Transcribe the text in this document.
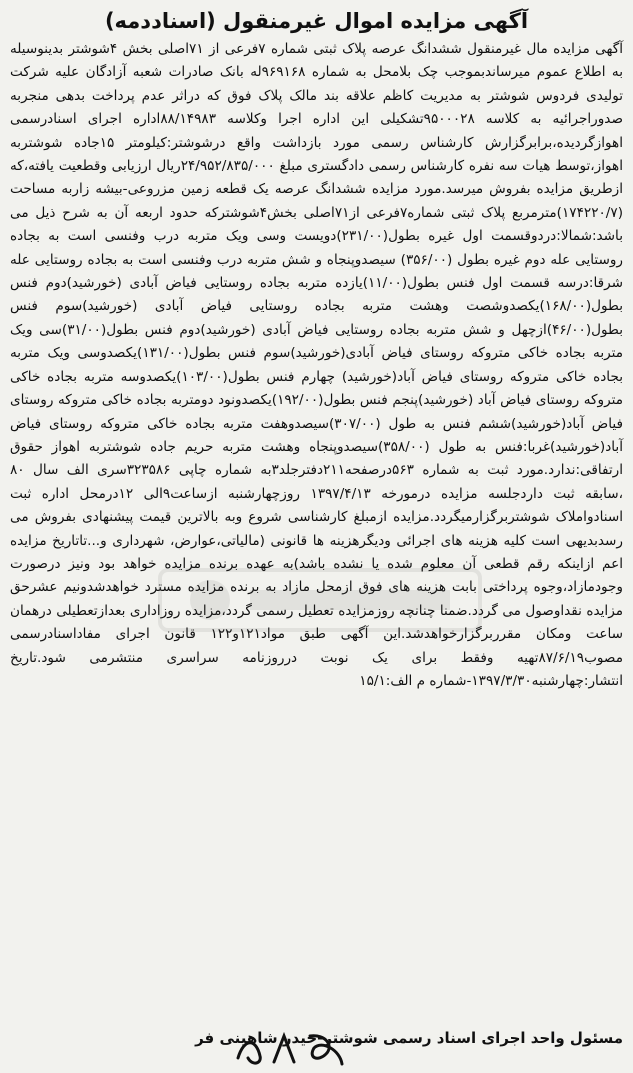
آگهی مزایده اموال غیرمنقول (اسناددمه)

آگهی مزایده مال غیرمنقول ششدانگ عرصه پلاک ثبتی شماره ۷فرعی از ۷۱اصلی بخش ۴شوشتر بدینوسیله به اطلاع عموم میرساندبموجب چک بلامحل به شماره ۹۶۹۱۶۸له بانک صادرات شعبه آزادگان علیه شرکت تولیدی فردوس شوشتر به مدیریت کاظم علاقه بند مالک پلاک فوق که دراثر عدم پرداخت بدهی منجربه صدوراجرائیه به کلاسه ۹۵۰۰۰۲۸تشکیلی این اداره اجرا وکلاسه ۸۸/۱۴۹۸۳اداره اجرای اسنادرسمی اهوازگردیده،برابرگزارش کارشناس رسمی مورد بازداشت واقع درشوشتر:کیلومتر ۱۵جاده شوشتربه اهواز،توسط هیات سه نفره کارشناس رسمی دادگستری مبلغ ۲۴/۹۵۲/۸۳۵/۰۰۰ریال ارزیابی وقطعیت یافته،که ازطریق مزایده بفروش میرسد.مورد مزایده ششدانگ عرصه یک قطعه زمین مزروعی-بیشه زاربه مساحت (۱۷۴۲۲۰/۷)مترمربع پلاک ثبتی شماره۷فرعی از۷۱اصلی بخش۴شوشترکه حدود اربعه آن به شرح ذیل می باشد:شمالا:دردوقسمت اول غیره بطول(۲۳۱/۰۰)دویست وسی ویک متربه درب وفنسی است به بجاده روستایی عله دوم غیره بطول (۳۵۶/۰۰) سیصدوپنجاه و شش متربه درب وفنسی است به بجاده روستایی عله شرقا:درسه قسمت اول فنس بطول(۱۱/۰۰)یازده متربه بجاده روستایی فیاض آبادی (خورشید)دوم فنس بطول(۱۶۸/۰۰)یکصدوشصت وهشت متربه بجاده روستایی فیاض آبادی (خورشید)سوم فنس بطول(۴۶/۰۰)ازچهل و شش متربه بجاده روستایی فیاض آبادی (خورشید)دوم فنس بطول(۳۱/۰۰)سی ویک متربه بجاده خاکی متروکه روستای فیاض آبادی(خورشید)سوم فنس بطول(۱۳۱/۰۰)یکصدوسی ویک متربه بجاده خاکی متروکه روستای فیاض آباد(خورشید) چهارم فنس بطول(۱۰۳/۰۰)یکصدوسه متربه بجاده خاکی متروکه روستای فیاض آباد (خورشید)پنجم فنس بطول(۱۹۲/۰۰)یکصدونود دومتربه بجاده خاکی متروکه روستای فیاض آباد(خورشید)ششم فنس به طول (۳۰۷/۰۰)سیصدوهفت متربه بجاده خاکی متروکه روستای فیاض آباد(خورشید)غربا:فنس به طول (۳۵۸/۰۰)سیصدوپنجاه وهشت متربه حریم جاده شوشتربه اهواز حقوق ارتفاقی:ندارد.مورد ثبت به شماره ۵۶۳درصفحه۲۱۱دفترجلد۳به شماره چاپی ۳۲۳۵۸۶سری الف سال ۸۰ ،سابقه ثبت داردجلسه مزایده درمورخه ۱۳۹۷/۴/۱۳ روزچهارشنبه ازساعت۹الی ۱۲درمحل اداره ثبت اسنادواملاک شوشتربرگزارمیگردد.مزایده ازمبلغ کارشناسی شروع وبه بالاترین قیمت پیشنهادی بفروش می رسدبدیهی است کلیه هزینه های اجرائی ودیگرهزینه ها قانونی (مالیاتی،عوارض، شهرداری و...تاتاریخ مزایده اعم ازاینکه رقم قطعی آن معلوم شده یا نشده باشد)به عهده برنده مزایده خواهد بود ونیز درصورت وجودمازاد،وجوه پرداختی بابت هزینه های فوق ازمحل مازاد به برنده مزایده مسترد خواهدشدونیم عشرحق مزایده نقداوصول می گردد.ضمنا چنانچه روزمزایده تعطیل رسمی گردد،مزایده روزاداری بعدازتعطیلی درهمان ساعت ومکان مقرربرگزارخواهدشد.این آگهی طبق مواد۱۲۱و۱۲۲ قانون اجرای مفاداسنادرسمی مصوب۸۷/۶/۱۹تهیه وفقط برای یک نوبت درروزنامه سراسری منتشرمی شود.تاریخ انتشار:چهارشنبه۱۳۹۷/۳/۳۰-شماره م الف:۱۵/۱

مسئول واحد اجرای اسناد رسمی شوشتر-حیدر شاهینی فر
